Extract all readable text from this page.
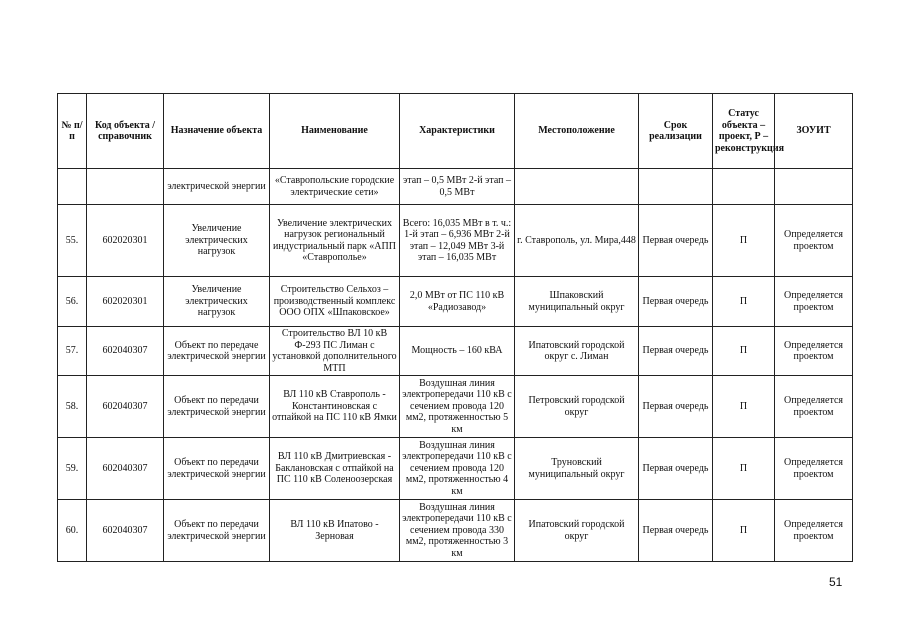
№ п/п	Код объекта / справочник	Назначение объекта	Наименование	Характеристики	Местоположение	Срок реализации	Статус объекта – проект, Р – реконструкция	ЗОУИТ
		электрической энергии	«Ставропольские городские электрические сети»	этап – 0,5 МВт 2-й этап – 0,5 МВт				
55.	602020301	Увеличение электрических нагрузок	Увеличение электрических нагрузок региональный индустриальный парк «АПП «Ставрополье»	Всего: 16,035 МВт в т. ч.: 1-й этап – 6,936 МВт 2-й этап – 12,049 МВт 3-й этап – 16,035 МВт	г. Ставрополь, ул. Мира,448	Первая очередь	П	Определяется проектом
56.	602020301	Увеличение электрических нагрузок	Строительство Сельхоз – производственный комплекс ООО ОПХ «Шпаковское»	2,0 МВт от ПС 110 кВ «Радиозавод»	Шпаковский муниципальный округ	Первая очередь	П	Определяется проектом
57.	602040307	Объект по передаче электрической энергии	Строительство ВЛ 10 кВ Ф-293 ПС Лиман с установкой дополнительного МТП	Мощность – 160 кВА	Ипатовский городской округ с. Лиман	Первая очередь	П	Определяется проектом
58.	602040307	Объект по передачи электрической энергии	ВЛ 110 кВ Ставрополь - Константиновская с отпайкой на ПС 110 кВ Ямки	Воздушная линия электропередачи 110 кВ с сечением провода 120 мм2, протяженностью 5 км	Петровский городской округ	Первая очередь	П	Определяется проектом
59.	602040307	Объект по передачи электрической энергии	ВЛ 110 кВ Дмитриевская - Баклановская с отпайкой на ПС 110 кВ Соленоозерская	Воздушная линия электропередачи 110 кВ с сечением провода 120 мм2, протяженностью 4 км	Труновский муниципальный округ	Первая очередь	П	Определяется проектом
60.	602040307	Объект по передачи электрической энергии	ВЛ 110 кВ Ипатово - Зерновая	Воздушная линия электропередачи 110 кВ с сечением провода 330 мм2, протяженностью 3 км	Ипатовский городской округ	Первая очередь	П	Определяется проектом
51
